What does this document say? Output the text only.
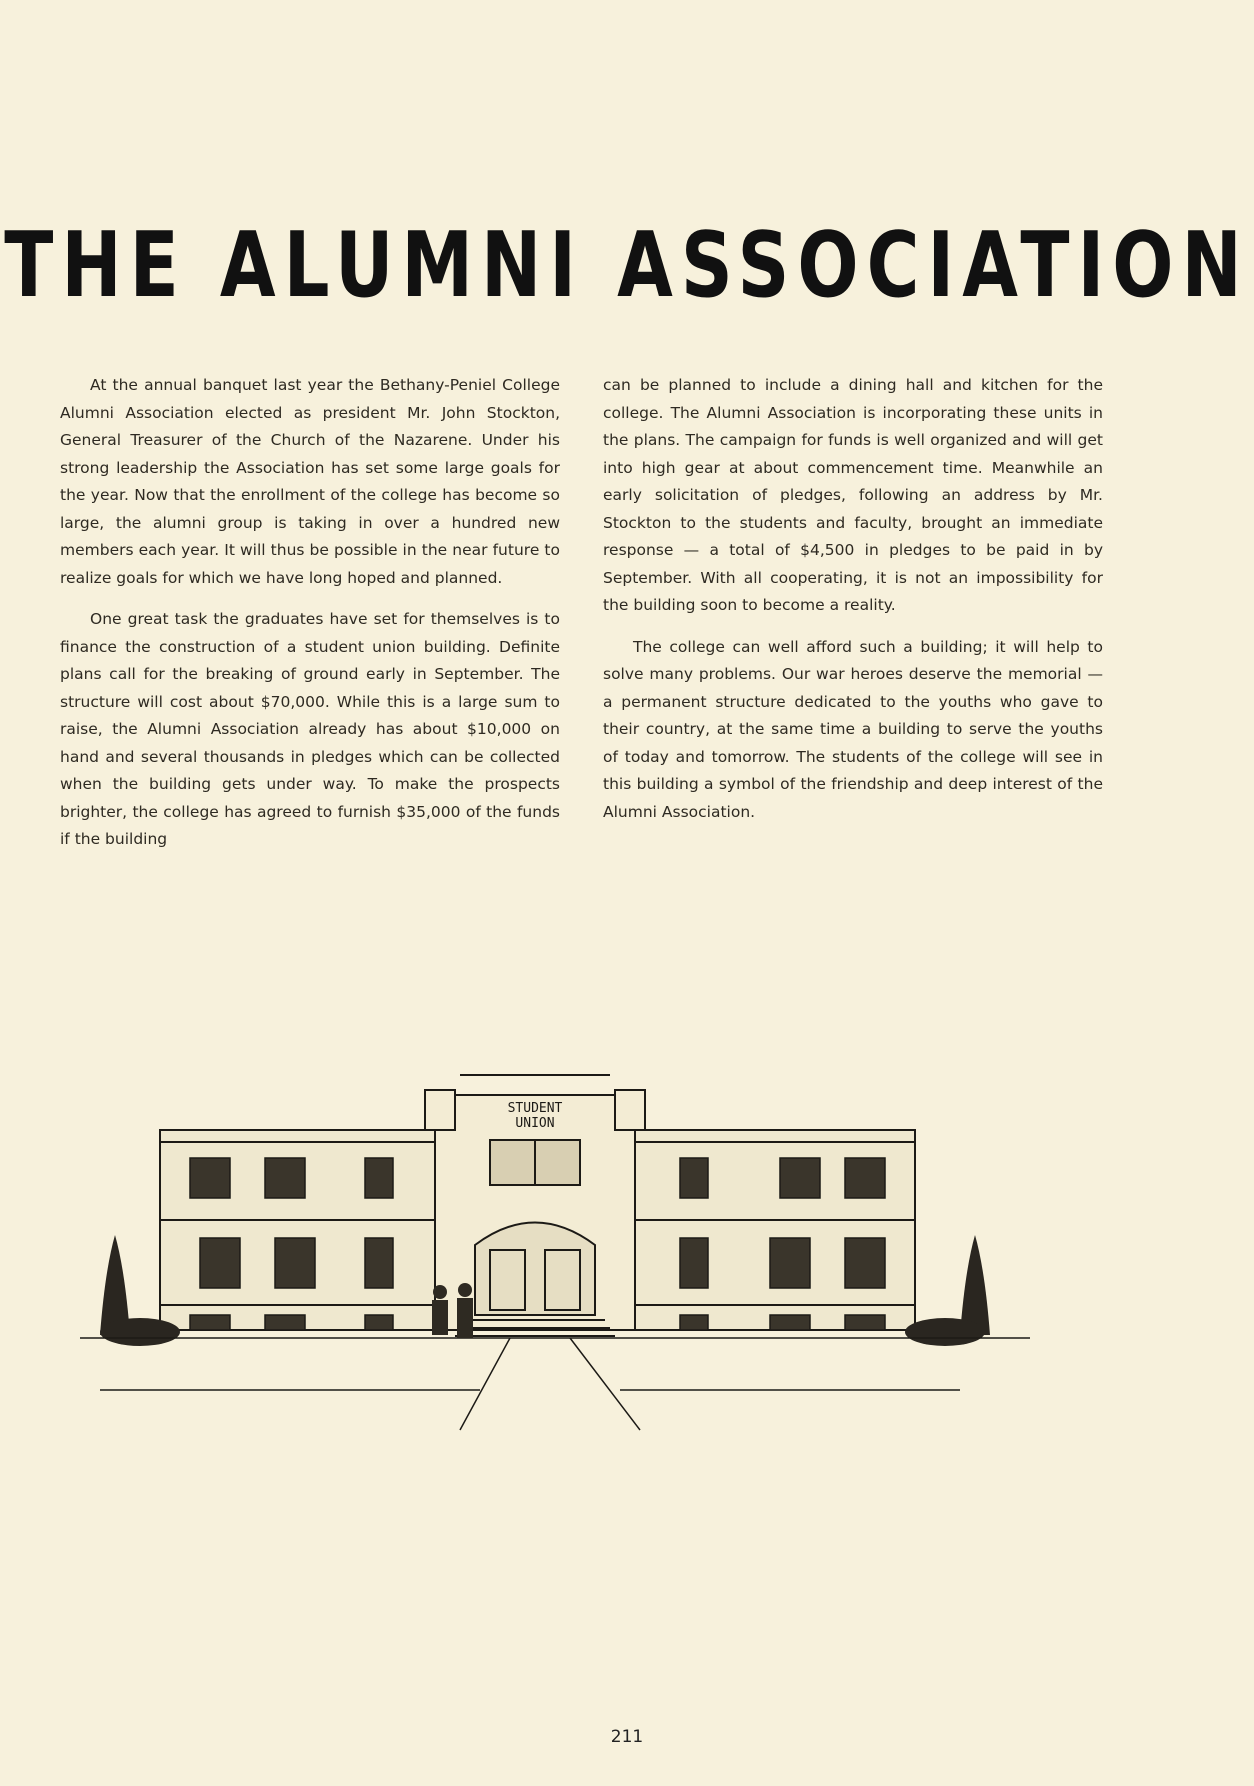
THE ALUMNI ASSOCIATION

At the annual banquet last year the Bethany-Peniel College Alumni Association elected as president Mr. John Stockton, General Treasurer of the Church of the Nazarene. Under his strong leadership the Association has set some large goals for the year. Now that the enrollment of the college has become so large, the alumni group is taking in over a hundred new members each year. It will thus be possible in the near future to realize goals for which we have long hoped and planned.

One great task the graduates have set for themselves is to finance the construction of a student union building. Definite plans call for the breaking of ground early in September. The structure will cost about $70,000. While this is a large sum to raise, the Alumni Association already has about $10,000 on hand and several thousands in pledges which can be collected when the building gets under way. To make the prospects brighter, the college has agreed to furnish $35,000 of the funds if the building

can be planned to include a dining hall and kitchen for the college. The Alumni Association is incorporating these units in the plans. The campaign for funds is well organized and will get into high gear at about commencement time. Meanwhile an early solicitation of pledges, following an address by Mr. Stockton to the students and faculty, brought an immediate response — a total of $4,500 in pledges to be paid in by September. With all cooperating, it is not an impossibility for the building soon to become a reality.

The college can well afford such a building; it will help to solve many problems. Our war heroes deserve the memorial — a permanent structure dedicated to the youths who gave to their country, at the same time a building to serve the youths of today and tomorrow. The students of the college will see in this building a symbol of the friendship and deep interest of the Alumni Association.

STUDENT
UNION
211
